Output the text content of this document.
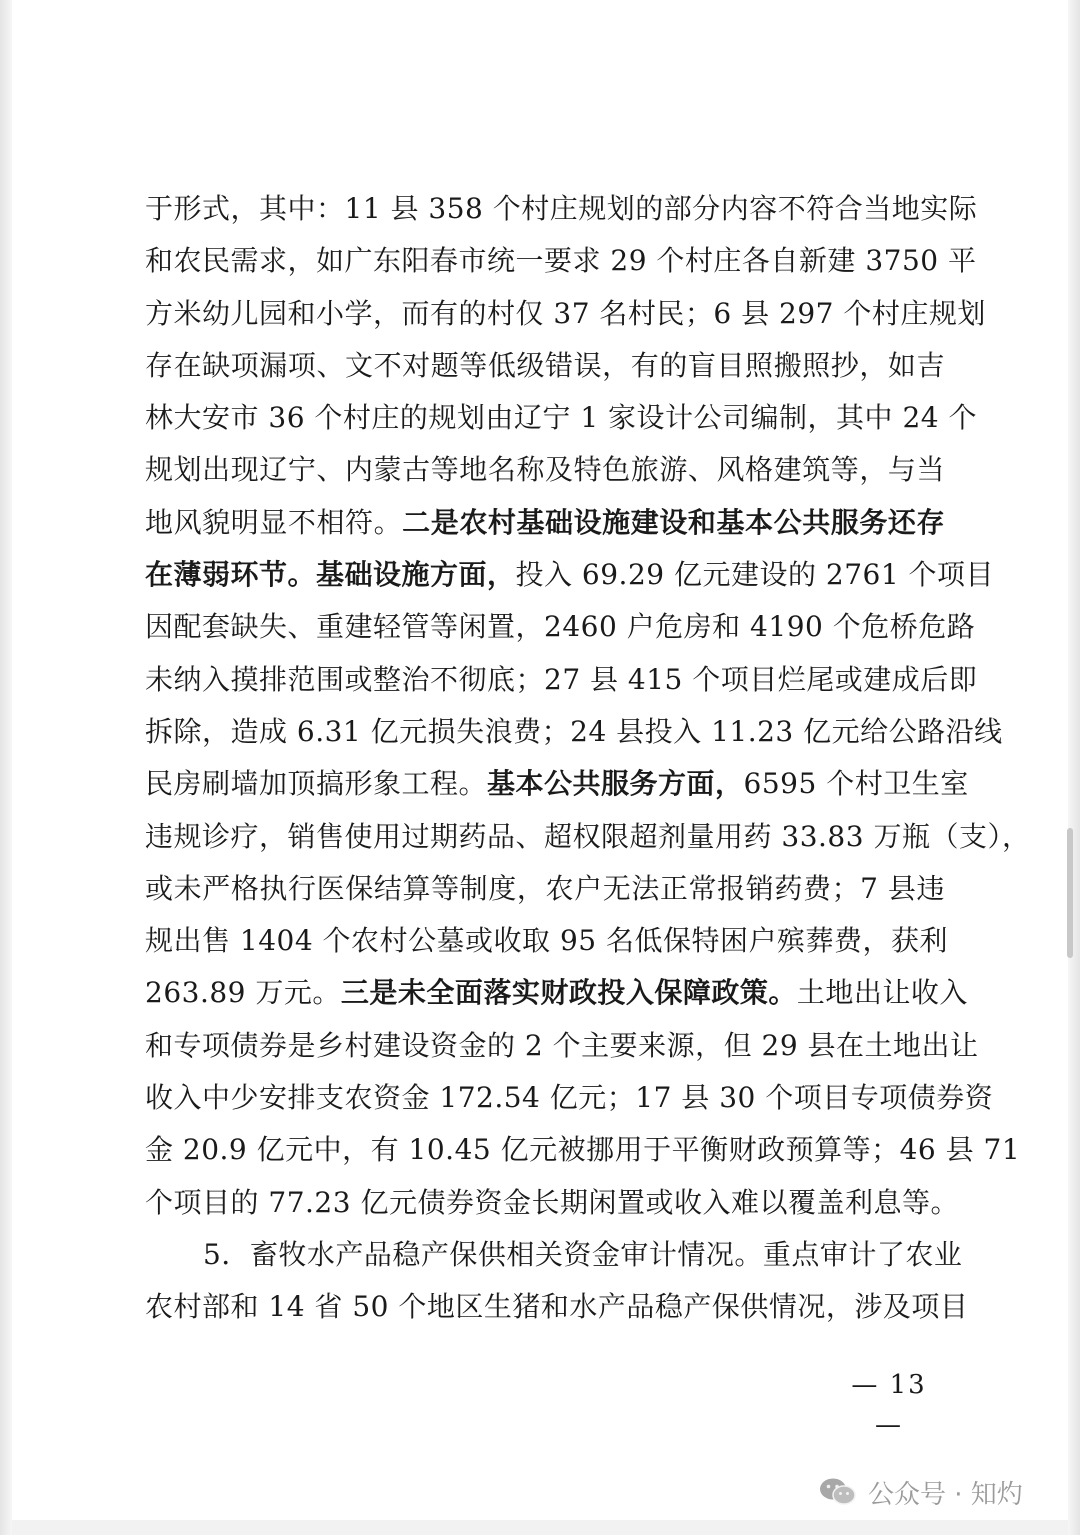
于形式，其中：11 县 358 个村庄规划的部分内容不符合当地实际
和农民需求，如广东阳春市统一要求 29 个村庄各自新建 3750 平
方米幼儿园和小学，而有的村仅 37 名村民；6 县 297 个村庄规划
存在缺项漏项、文不对题等低级错误，有的盲目照搬照抄，如吉
林大安市 36 个村庄的规划由辽宁 1 家设计公司编制，其中 24 个
规划出现辽宁、内蒙古等地名称及特色旅游、风格建筑等，与当
地风貌明显不相符。二是农村基础设施建设和基本公共服务还存
在薄弱环节。基础设施方面，投入 69.29 亿元建设的 2761 个项目
因配套缺失、重建轻管等闲置，2460 户危房和 4190 个危桥危路
未纳入摸排范围或整治不彻底；27 县 415 个项目烂尾或建成后即
拆除，造成 6.31 亿元损失浪费；24 县投入 11.23 亿元给公路沿线
民房刷墙加顶搞形象工程。基本公共服务方面，6595 个村卫生室
违规诊疗，销售使用过期药品、超权限超剂量用药 33.83 万瓶（支），
或未严格执行医保结算等制度，农户无法正常报销药费；7 县违
规出售 1404 个农村公墓或收取 95 名低保特困户殡葬费，获利
263.89 万元。三是未全面落实财政投入保障政策。土地出让收入
和专项债券是乡村建设资金的 2 个主要来源，但 29 县在土地出让
收入中少安排支农资金 172.54 亿元；17 县 30 个项目专项债券资
金 20.9 亿元中，有 10.45 亿元被挪用于平衡财政预算等；46 县 71
个项目的 77.23 亿元债券资金长期闲置或收入难以覆盖利息等。
5．畜牧水产品稳产保供相关资金审计情况。重点审计了农业
农村部和 14 省 50 个地区生猪和水产品稳产保供情况，涉及项目
— 13 —
公众号 · 知灼
